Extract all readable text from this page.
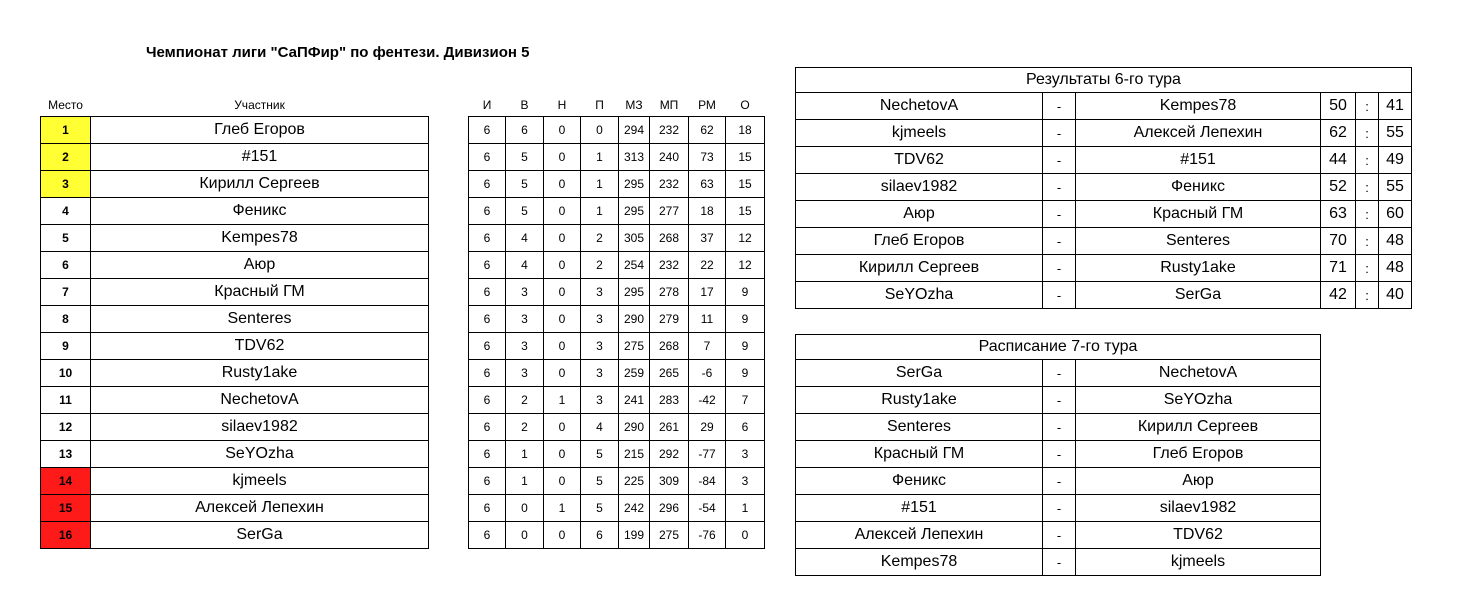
Чемпионат лиги "СаПФир" по фентези. Дивизион 5
Место	Участник		И	В	Н	П	МЗ	МП	РМ	О
1	Глеб Егоров		6	6	0	0	294	232	62	18
2	#151		6	5	0	1	313	240	73	15
3	Кирилл Сергеев		6	5	0	1	295	232	63	15
4	Феникс		6	5	0	1	295	277	18	15
5	Kempes78		6	4	0	2	305	268	37	12
6	Аюр		6	4	0	2	254	232	22	12
7	Красный ГМ		6	3	0	3	295	278	17	9
8	Senteres		6	3	0	3	290	279	11	9
9	TDV62		6	3	0	3	275	268	7	9
10	Rusty1ake		6	3	0	3	259	265	-6	9
11	NechetovA		6	2	1	3	241	283	-42	7
12	silaev1982		6	2	0	4	290	261	29	6
13	SeYOzha		6	1	0	5	215	292	-77	3
14	kjmeels		6	1	0	5	225	309	-84	3
15	Алексей Лепехин		6	0	1	5	242	296	-54	1
16	SerGa		6	0	0	6	199	275	-76	0
Результаты 6-го тура					
NechetovA	-	Kempes78	50	:	41
kjmeels	-	Алексей Лепехин	62	:	55
TDV62	-	#151	44	:	49
silaev1982	-	Феникс	52	:	55
Аюр	-	Красный ГМ	63	:	60
Глеб Егоров	-	Senteres	70	:	48
Кирилл Сергеев	-	Rusty1ake	71	:	48
SeYOzha	-	SerGa	42	:	40
Расписание 7-го тура		
SerGa	-	NechetovA
Rusty1ake	-	SeYOzha
Senteres	-	Кирилл Сергеев
Красный ГМ	-	Глеб Егоров
Феникс	-	Аюр
#151	-	silaev1982
Алексей Лепехин	-	TDV62
Kempes78	-	kjmeels
